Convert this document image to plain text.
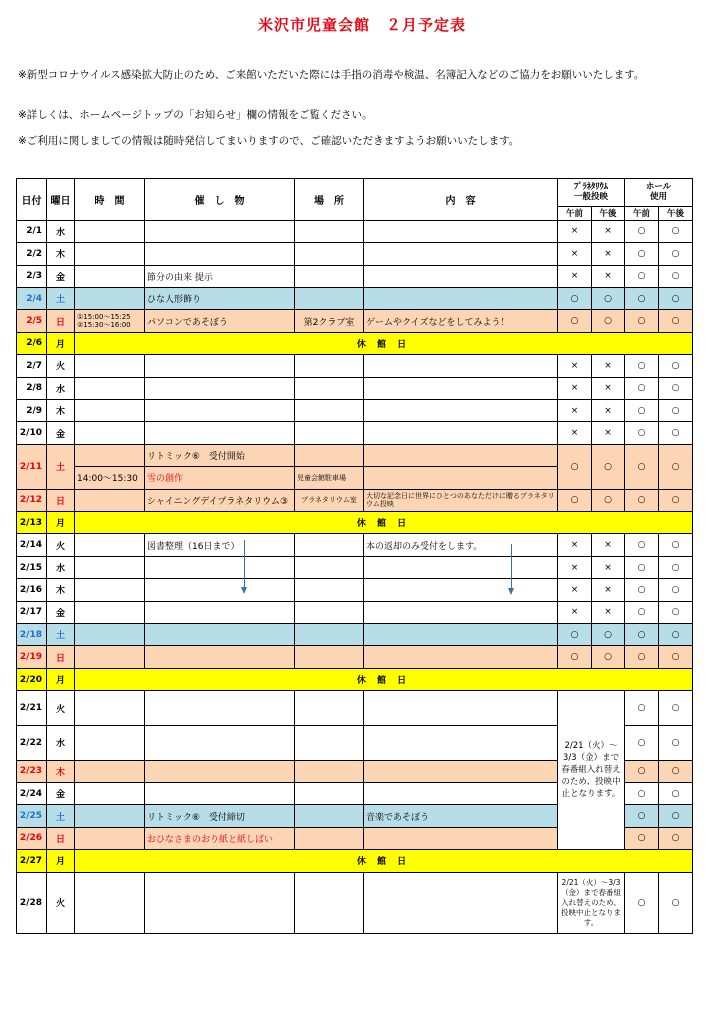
米沢市児童会館　２月予定表
※新型コロナウイルス感染拡大防止のため、ご来館いただいた際には手指の消毒や検温、名簿記入などのご協力をお願いいたします。
※詳しくは、ホームページトップの「お知らせ」欄の情報をご覧ください。
※ご利用に関しましての情報は随時発信してまいりますので、ご確認いただきますようお願いいたします。
日付	曜日	時　間	催　し　物	場　所	内　容	ﾌﾟﾗﾈﾀﾘｳﾑ
一般投映		ホール
使用	
						午前	午後	午前	午後
2/1	水					×	×	○	○
2/2	木					×	×	○	○
2/3	金		節分の由来 提示			×	×	○	○
2/4	土		ひな人形飾り			○	○	○	○
2/5	日	①15:00～15:25
②15:30～16:00	パソコンであそぼう	第2クラブ室	ゲームやクイズなどをしてみよう！	○	○	○	○
2/6	月	休 館 日							
2/7	火					×	×	○	○
2/8	水					×	×	○	○
2/9	木					×	×	○	○
2/10	金					×	×	○	○
2/11	土		リトミック⑥　受付開始			○	○	○	○
		14:00～15:30	雪の創作	児童会館駐車場					
2/12	日		シャイニングデイプラネタリウム③	プラネタリウム室	大切な記念日に世界にひとつのあなただけに贈るプラネタリウム投映	○	○	○	○
2/13	月	休 館 日							
2/14	火		図書整理（16日まで）		本の返却のみ受付をします。	×	×	○	○
2/15	水					×	×	○	○
2/16	木					×	×	○	○
2/17	金					×	×	○	○
2/18	土					○	○	○	○
2/19	日					○	○	○	○
2/20	月	休 館 日							
2/21	火					2/21（火）～3/3（金）まで春番組入れ替えのため、投映中止となります。		○	○
2/22	水							○	○
2/23	木							○	○
2/24	金							○	○
2/25	土		リトミック⑥　受付締切		音楽であそぼう			○	○
2/26	日		おひなさまのおり紙と紙しばい					○	○
2/27	月	休 館 日							
2/28	火					2/21（火）～3/3（金）まで春番組入れ替えのため、投映中止となります。		○	○
